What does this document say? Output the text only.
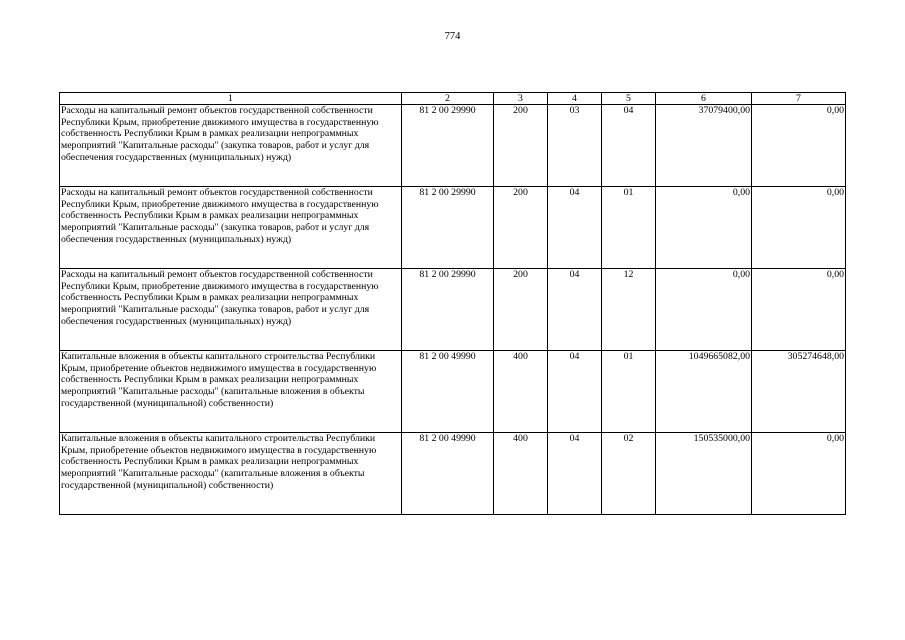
774
1	2	3	4	5	6	7
Расходы на капитальный ремонт объектов государственной собственности Республики Крым, приобретение движимого имущества в государственную собственность Республики Крым в рамках реализации непрограммных мероприятий "Капитальные расходы" (закупка товаров, работ и услуг для обеспечения государственных (муниципальных) нужд)	81 2 00 29990	200	03	04	37079400,00	0,00
Расходы на капитальный ремонт объектов государственной собственности Республики Крым, приобретение движимого имущества в государственную собственность Республики Крым в рамках реализации непрограммных мероприятий "Капитальные расходы" (закупка товаров, работ и услуг для обеспечения государственных (муниципальных) нужд)	81 2 00 29990	200	04	01	0,00	0,00
Расходы на капитальный ремонт объектов государственной собственности Республики Крым, приобретение движимого имущества в государственную собственность Республики Крым в рамках реализации непрограммных мероприятий "Капитальные расходы" (закупка товаров, работ и услуг для обеспечения государственных (муниципальных) нужд)	81 2 00 29990	200	04	12	0,00	0,00
Капитальные вложения в объекты капитального строительства Республики Крым, приобретение объектов недвижимого имущества в государственную собственность Республики Крым в рамках реализации непрограммных мероприятий "Капитальные расходы" (капитальные вложения в объекты государственной (муниципальной) собственности)	81 2 00 49990	400	04	01	1049665082,00	305274648,00
Капитальные вложения в объекты капитального строительства Республики Крым, приобретение объектов недвижимого имущества в государственную собственность Республики Крым в рамках реализации непрограммных мероприятий "Капитальные расходы" (капитальные вложения в объекты государственной (муниципальной) собственности)	81 2 00 49990	400	04	02	150535000,00	0,00
